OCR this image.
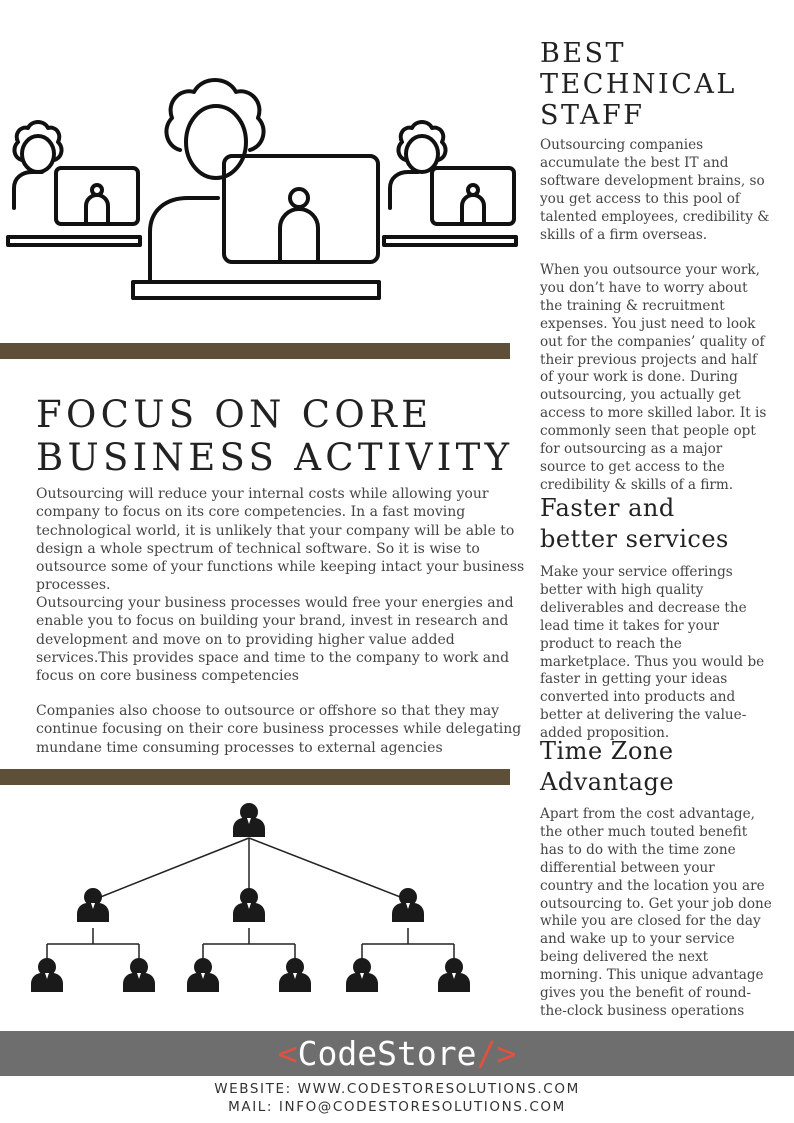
BEST
TECHNICAL
STAFF

Outsourcing companies accumulate the best IT and software development brains, so you get access to this pool of talented employees, credibility & skills of a firm overseas.

When you outsource your work, you don’t have to worry about the training & recruitment expenses. You just need to look out for the companies’ quality of their previous projects and half of your work is done. During outsourcing, you actually get access to more skilled labor. It is commonly seen that people opt for outsourcing as a major source to get access to the credibility & skills of a firm.

Faster and
better services

Make your service offerings better with high quality deliverables and decrease the lead time it takes for your product to reach the marketplace. Thus you would be faster in getting your ideas converted into products and better at delivering the value-added proposition.

Time Zone
Advantage

Apart from the cost advantage, the other much touted benefit has to do with the time zone differential between your country and the location you are outsourcing to. Get your job done while you are closed for the day and wake up to your service being delivered the next morning. This unique advantage gives you the benefit of round-the-clock business operations

FOCUS ON CORE
BUSINESS ACTIVITY

Outsourcing will reduce your internal costs while allowing your company to focus on its core competencies. In a fast moving technological world, it is unlikely that your company will be able to design a whole spectrum of technical software. So it is wise to outsource some of your functions while keeping intact your business processes.

Outsourcing your business processes would free your energies and enable you to focus on building your brand, invest in research and development and move on to providing higher value added services.This provides space and time to the company to work and focus on core business competencies

Companies also choose to outsource or offshore so that they may continue focusing on their core business processes while delegating mundane time consuming processes to external agencies

<CodeStore/>
WEBSITE: WWW.CODESTORESOLUTIONS.COM
MAIL: INFO@CODESTORESOLUTIONS.COM
